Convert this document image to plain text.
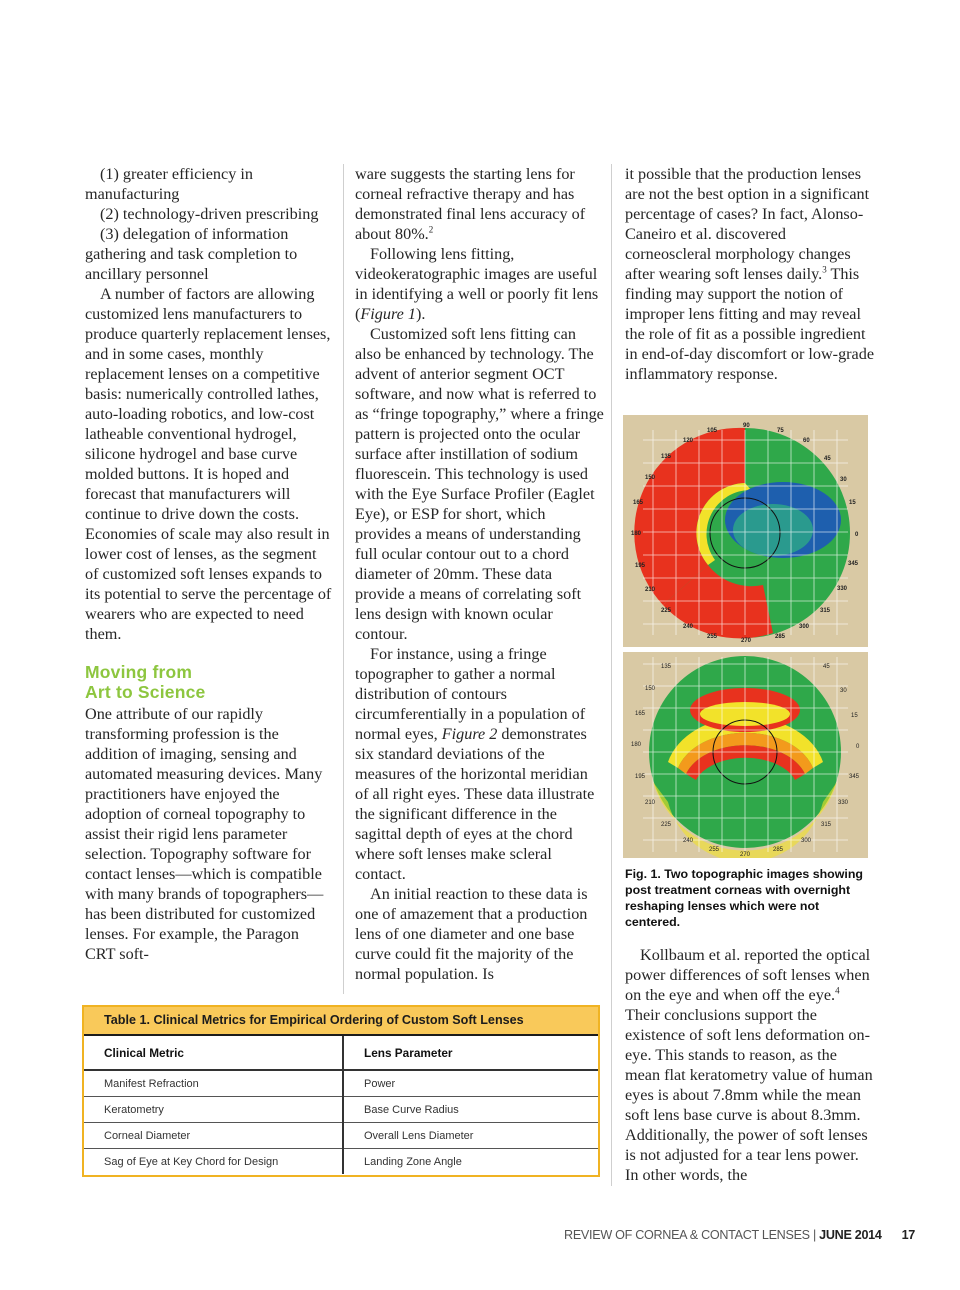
(1) greater efficiency in manufacturing

(2) technology-driven prescribing

(3) delegation of information gathering and task completion to ancillary personnel

A number of factors are allowing customized lens manufacturers to produce quarterly replacement lenses, and in some cases, monthly replacement lenses on a competitive basis: numerically controlled lathes, auto-loading robotics, and low-cost latheable conventional hydrogel, silicone hydrogel and base curve molded buttons. It is hoped and forecast that manufacturers will continue to drive down the costs. Economies of scale may also result in lower cost of lenses, as the segment of customized soft lenses expands to its potential to serve the percentage of wearers who are expected to need them.

Moving from
Art to Science

One attribute of our rapidly transforming profession is the addition of imaging, sensing and automated measuring devices. Many practitioners have enjoyed the adoption of corneal topography to assist their rigid lens parameter selection. Topography software for contact lenses—which is compatible with many brands of topographers—has been distributed for customized lenses. For example, the Paragon CRT soft-

ware suggests the starting lens for corneal refractive therapy and has demonstrated final lens accuracy of about 80%.$^2$

Following lens fitting, videokeratographic images are useful in identifying a well or poorly fit lens (Figure 1).

Customized soft lens fitting can also be enhanced by technology. The advent of anterior segment OCT software, and now what is referred to as “fringe topography,” where a fringe pattern is projected onto the ocular surface after instillation of sodium fluorescein. This technology is used with the Eye Surface Profiler (Eaglet Eye), or ESP for short, which provides a means of understanding full ocular contour out to a chord diameter of 20mm. These data provide a means of correlating soft lens design with known ocular contour.

For instance, using a fringe topographer to gather a normal distribution of contours circumferentially in a population of normal eyes, Figure 2 demonstrates six standard deviations of the measures of the horizontal meridian of all right eyes. These data illustrate the significant difference in the sagittal depth of eyes at the chord where soft lenses make scleral contact.

An initial reaction to these data is one of amazement that a production lens of one diameter and one base curve could fit the majority of the normal population. Is

it possible that the production lenses are not the best option in a significant percentage of cases? In fact, Alonso-Caneiro et al. discovered corneoscleral morphology changes after wearing soft lenses daily.$^3$ This finding may support the notion of improper lens fitting and may reveal the role of fit as a possible ingredient in end-of-day discomfort or low-grade inflammatory response.

90
75
60
45
30
15
0
345
330
315
300
285
270
255
240
225
210
195
180
165
150
135
120
105
135	45
150	30
165	15
180	0
195	345
210	330
225	315
240	300
255
270
285
Fig. 1. Two topographic images showing post treatment corneas with overnight reshaping lenses which were not centered.

Kollbaum et al. reported the optical power differences of soft lenses when on the eye and when off the eye.$^4$ Their conclusions support the existence of soft lens deformation on-eye. This stands to reason, as the mean flat keratometry value of human eyes is about 7.8mm while the mean soft lens base curve is about 8.3mm. Additionally, the power of soft lenses is not adjusted for a tear lens power. In other words, the

Table 1. Clinical Metrics for Empirical Ordering of Custom Soft Lenses
Clinical Metric	Lens Parameter
Manifest Refraction	Power
Keratometry	Base Curve Radius
Corneal Diameter	Overall Lens Diameter
Sag of Eye at Key Chord for Design	Landing Zone Angle
REVIEW OF CORNEA & CONTACT LENSES | JUNE 2014 17
